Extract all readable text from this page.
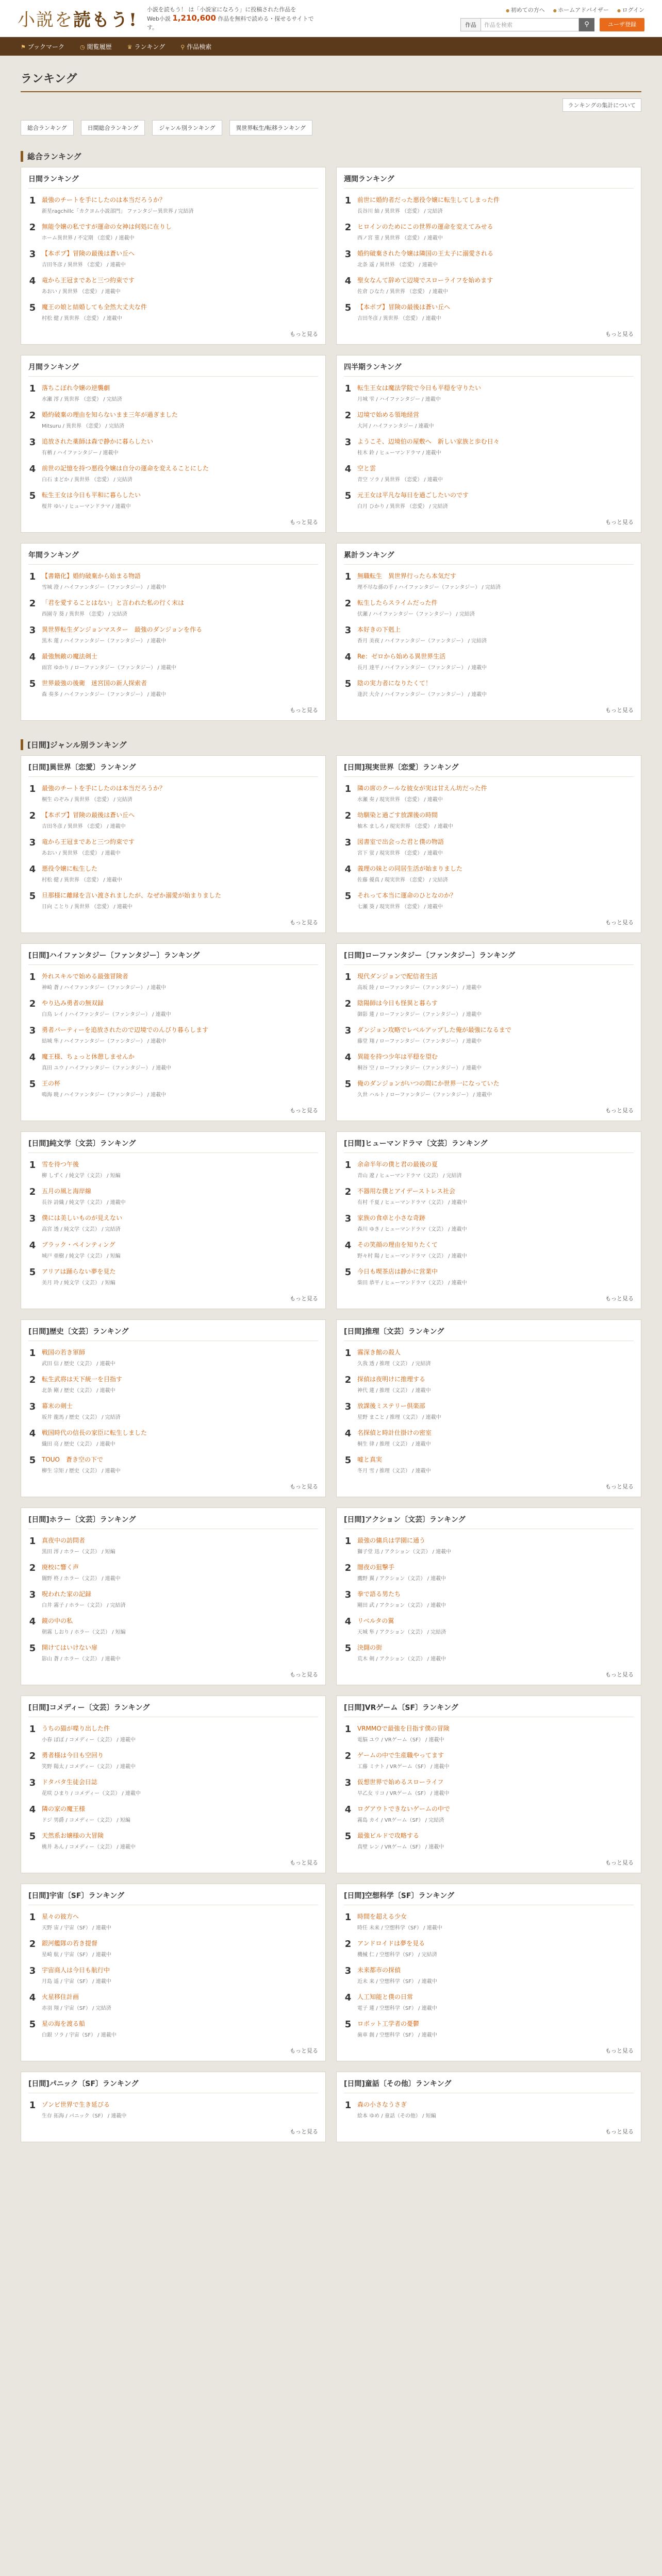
小説を読もう!
小説を読もう！ は「小説家になろう」に投稿された作品を
Web小説 1,210,600 作品を無料で読める・探せるサイトです。
● 初めての方へ	● ホームアドバイザー	● ログイン
作品	作品を検索	⚲	ユーザ登録
⚑ ブックマーク	◷ 閲覧履歴	♛ ランキング	⚲ 作品検索
ランキング
ランキングの集計について
総合ランキング	日間総合ランキング	ジャンル別ランキング	異世界転生/転移ランキング
総合ランキング
日間ランキング
1 最強のチートを手にしたのは本当だろうか？
新星ragchillc「カクヨム小説部門」 ファンタジー異世界 / 完結済
2 無能令嬢の私ですが運命の女神は何処に在りし
ホーム異世界 / 不定期 （恋愛）/ 連載中
3 【本ポプ】冒険の最後は蒼い丘へ
吉田冬彦 / 異世界 （恋愛） / 連載中
4 竜から王冠まであと三つ約束です
あおい / 異世界 （恋愛） / 連載中
5 魔王の娘と結婚しても全然大丈夫な件
村松 健 / 異世界 （恋愛） / 連載中
もっと見る
週間ランキング
1 前世に婚約者だった悪役令嬢に転生してしまった件
長谷川 紬 / 異世界 （恋愛） / 完結済
2 ヒロインのためにこの世界の運命を変えてみせる
西ノ宮 菫 / 異世界 （恋愛） / 連載中
3 婚約破棄された令嬢は隣国の王太子に溺愛される
北条 遥 / 異世界 （恋愛） / 連載中
4 聖女なんて辞めて辺境でスローライフを始めます
佐倉 ひなた / 異世界 （恋愛） / 連載中
5 【本ポプ】冒険の最後は蒼い丘へ
吉田冬彦 / 異世界 （恋愛） / 連載中
もっと見る
月間ランキング
1 落ちこぼれ令嬢の逆襲劇
水瀬 澪 / 異世界 （恋愛） / 完結済
2 婚約破棄の理由を知らないまま三年が過ぎました
Mitsuru / 異世界 （恋愛） / 完結済
3 追放された薬師は森で静かに暮らしたい
有栖 / ハイファンタジー / 連載中
4 前世の記憶を持つ悪役令嬢は自分の運命を変えることにした
白石 まどか / 異世界 （恋愛） / 完結済
5 転生王女は今日も平和に暮らしたい
桜井 ゆい / ヒューマンドラマ / 連載中
もっと見る
四半期ランキング
1 転生王女は魔法学院で今日も平穏を守りたい
月城 雫 / ハイファンタジー / 連載中
2 辺境で始める領地経営
大河 / ハイファンタジー / 連載中
3 ようこそ、辺境伯の屋敷へ　新しい家族と歩む日々
桂木 鈴 / ヒューマンドラマ / 連載中
4 空と雲
青空 ソラ / 異世界 （恋愛） / 連載中
5 元王女は平凡な毎日を過ごしたいのです
白月 ひかり / 異世界 （恋愛） / 完結済
もっと見る
年間ランキング
1 【書籍化】婚約破棄から始まる物語
雪城 澄 / ハイファンタジー（ファンタジー） / 連載中
2 「君を愛することはない」と言われた私の行く末は
西園寺 葵 / 異世界 （恋愛） / 完結済
3 異世界転生ダンジョンマスター　最強のダンジョンを作る
黒木 蓮 / ハイファンタジー（ファンタジー） / 連載中
4 最強無敵の魔法剣士
雨宮 ゆかり / ローファンタジー（ファンタジー） / 連載中
5 世界最強の後衛　迷宮国の新人探索者
森 奏多 / ハイファンタジー（ファンタジー） / 連載中
もっと見る
累計ランキング
1 無職転生　異世界行ったら本気だす
理不尽な孫の手 / ハイファンタジー（ファンタジー） / 完結済
2 転生したらスライムだった件
伏瀬 / ハイファンタジー（ファンタジー） / 完結済
3 本好きの下剋上
香月 美夜 / ハイファンタジー（ファンタジー） / 完結済
4 Re：ゼロから始める異世界生活
長月 達平 / ハイファンタジー（ファンタジー） / 連載中
5 陰の実力者になりたくて！
逢沢 大介 / ハイファンタジー（ファンタジー） / 連載中
もっと見る
[日間]ジャンル別ランキング
[日間]異世界〔恋愛〕ランキング
1 最強のチートを手にしたのは本当だろうか？
桐生 のぞみ / 異世界 （恋愛） / 完結済
2 【本ポプ】冒険の最後は蒼い丘へ
吉田冬彦 / 異世界 （恋愛） / 連載中
3 竜から王冠まであと三つ約束です
あおい / 異世界 （恋愛） / 連載中
4 悪役令嬢に転生した
村松 健 / 異世界 （恋愛） / 連載中
5 旦那様に離縁を言い渡されましたが、なぜか溺愛が始まりました
日向 ことり / 異世界 （恋愛） / 連載中
もっと見る
[日間]現実世界〔恋愛〕ランキング
1 隣の席のクールな彼女が実は甘えん坊だった件
水瀬 奏 / 現実世界 （恋愛） / 連載中
2 幼馴染と過ごす放課後の時間
柚木 ましろ / 現実世界 （恋愛） / 連載中
3 図書室で出会った君と僕の物語
宮下 蛍 / 現実世界 （恋愛） / 連載中
4 義理の妹との同居生活が始まりました
佐藤 優真 / 現実世界 （恋愛） / 完結済
5 それって本当に運命のひとなのか？
七瀬 葵 / 現実世界 （恋愛） / 連載中
もっと見る
[日間]ハイファンタジー〔ファンタジー〕ランキング
1 外れスキルで始める最強冒険者
神崎 蒼 / ハイファンタジー（ファンタジー） / 連載中
2 やり込み勇者の無双録
白鳥 レイ / ハイファンタジー（ファンタジー） / 連載中
3 勇者パーティーを追放されたので辺境でのんびり暮らします
結城 隼 / ハイファンタジー（ファンタジー） / 連載中
4 魔王様、ちょっと休憩しませんか
真田 ユウ / ハイファンタジー（ファンタジー） / 連載中
5 王の杯
鳴海 暁 / ハイファンタジー（ファンタジー） / 連載中
もっと見る
[日間]ローファンタジー〔ファンタジー〕ランキング
1 現代ダンジョンで配信者生活
高坂 陸 / ローファンタジー（ファンタジー） / 連載中
2 陰陽師は今日も怪異と暮らす
御影 蓮 / ローファンタジー（ファンタジー） / 連載中
3 ダンジョン攻略でレベルアップした俺が最強になるまで
藤堂 翔 / ローファンタジー（ファンタジー） / 連載中
4 異能を持つ少年は平穏を望む
桐谷 空 / ローファンタジー（ファンタジー） / 連載中
5 俺のダンジョンがいつの間にか世界一になっていた
久世 ハルト / ローファンタジー（ファンタジー） / 連載中
もっと見る
[日間]純文学〔文芸〕ランキング
1 雪を待つ午後
柳 しずく / 純文学（文芸） / 短編
2 五月の風と海岸線
長谷 詩織 / 純文学（文芸） / 連載中
3 僕には美しいものが見えない
高宮 透 / 純文学（文芸） / 完結済
4 ブラック・ペインティング
城戸 亜樹 / 純文学（文芸） / 短編
5 アリアは踊らない夢を見た
美月 玲 / 純文学（文芸） / 短編
もっと見る
[日間]ヒューマンドラマ〔文芸〕ランキング
1 余命半年の僕と君の最後の夏
青山 遼 / ヒューマンドラマ（文芸） / 完結済
2 不器用な僕とアイデーストレス社会
有村 千夏 / ヒューマンドラマ（文芸） / 連載中
3 家族の食卓と小さな奇跡
森川 ゆき / ヒューマンドラマ（文芸） / 連載中
4 その笑顔の理由を知りたくて
野々村 陽 / ヒューマンドラマ（文芸） / 連載中
5 今日も喫茶店は静かに営業中
柴田 恭平 / ヒューマンドラマ（文芸） / 連載中
もっと見る
[日間]歴史〔文芸〕ランキング
1 戦国の若き軍師
武田 信 / 歴史（文芸） / 連載中
2 転生武将は天下統一を目指す
北条 剛 / 歴史（文芸） / 連載中
3 幕末の剣士
坂井 龍馬 / 歴史（文芸） / 完結済
4 戦国時代の信長の家臣に転生しました
織田 亮 / 歴史（文芸） / 連載中
5 TOUO　蒼き空の下で
柳生 宗矩 / 歴史（文芸） / 連載中
もっと見る
[日間]推理〔文芸〕ランキング
1 霧深き館の殺人
久我 透 / 推理（文芸） / 完結済
2 探偵は夜明けに推理する
神代 蓮 / 推理（文芸） / 連載中
3 放課後ミステリー倶楽部
星野 まこと / 推理（文芸） / 連載中
4 名探偵と時計仕掛けの密室
桐生 律 / 推理（文芸） / 連載中
5 嘘と真実
冬月 雪 / 推理（文芸） / 連載中
もっと見る
[日間]ホラー〔文芸〕ランキング
1 真夜中の訪問者
黒田 澪 / ホラー（文芸） / 短編
2 廃校に響く声
闇野 柊 / ホラー（文芸） / 連載中
3 呪われた家の記録
白井 霧子 / ホラー（文芸） / 完結済
4 鏡の中の私
朝霧 しおり / ホラー（文芸） / 短編
5 開けてはいけない扉
影山 蒼 / ホラー（文芸） / 連載中
もっと見る
[日間]アクション〔文芸〕ランキング
1 最強の傭兵は学園に通う
獅子堂 迅 / アクション（文芸） / 連載中
2 闇夜の狙撃手
鷹野 翼 / アクション（文芸） / 連載中
3 拳で語る男たち
剛田 武 / アクション（文芸） / 連載中
4 リベルタの翼
天城 隼 / アクション（文芸） / 完結済
5 決闘の街
荒木 剣 / アクション（文芸） / 連載中
もっと見る
[日間]コメディー〔文芸〕ランキング
1 うちの猫が喋り出した件
小春 ぽぽ / コメディー（文芸） / 連載中
2 勇者様は今日も空回り
笑野 陽太 / コメディー（文芸） / 連載中
3 ドタバタ生徒会日誌
花咲 ひまり / コメディー（文芸） / 連載中
4 隣の家の魔王様
ドジ 男爵 / コメディー（文芸） / 短編
5 天然系お嬢様の大冒険
桃井 あん / コメディー（文芸） / 連載中
もっと見る
[日間]VRゲーム〔SF〕ランキング
1 VRMMOで最強を目指す僕の冒険
電脳 ユウ / VRゲーム（SF） / 連載中
2 ゲームの中で生産職やってます
工藤 ミナト / VRゲーム（SF） / 連載中
3 仮想世界で始めるスローライフ
早乙女 リコ / VRゲーム（SF） / 連載中
4 ログアウトできないゲームの中で
霧島 カイ / VRゲーム（SF） / 完結済
5 最強ビルドで攻略する
真壁 レン / VRゲーム（SF） / 連載中
もっと見る
[日間]宇宙〔SF〕ランキング
1 星々の彼方へ
天野 宙 / 宇宙（SF） / 連載中
2 銀河艦隊の若き提督
星崎 航 / 宇宙（SF） / 連載中
3 宇宙商人は今日も航行中
月島 遥 / 宇宙（SF） / 連載中
4 火星移住計画
赤羽 翔 / 宇宙（SF） / 完結済
5 星の海を渡る船
白銀 ソラ / 宇宙（SF） / 連載中
もっと見る
[日間]空想科学〔SF〕ランキング
1 時間を超える少女
時任 未来 / 空想科学（SF） / 連載中
2 アンドロイドは夢を見る
機械 仁 / 空想科学（SF） / 完結済
3 未来都市の探偵
近未 来 / 空想科学（SF） / 連載中
4 人工知能と僕の日常
電子 蓮 / 空想科学（SF） / 連載中
5 ロボット工学者の憂鬱
歯車 創 / 空想科学（SF） / 連載中
もっと見る
[日間]パニック〔SF〕ランキング
1 ゾンビ世界で生き延びる
生存 拓海 / パニック（SF） / 連載中
もっと見る
[日間]童話〔その他〕ランキング
1 森の小さなうさぎ
絵本 ゆめ / 童話（その他） / 短編
もっと見る
